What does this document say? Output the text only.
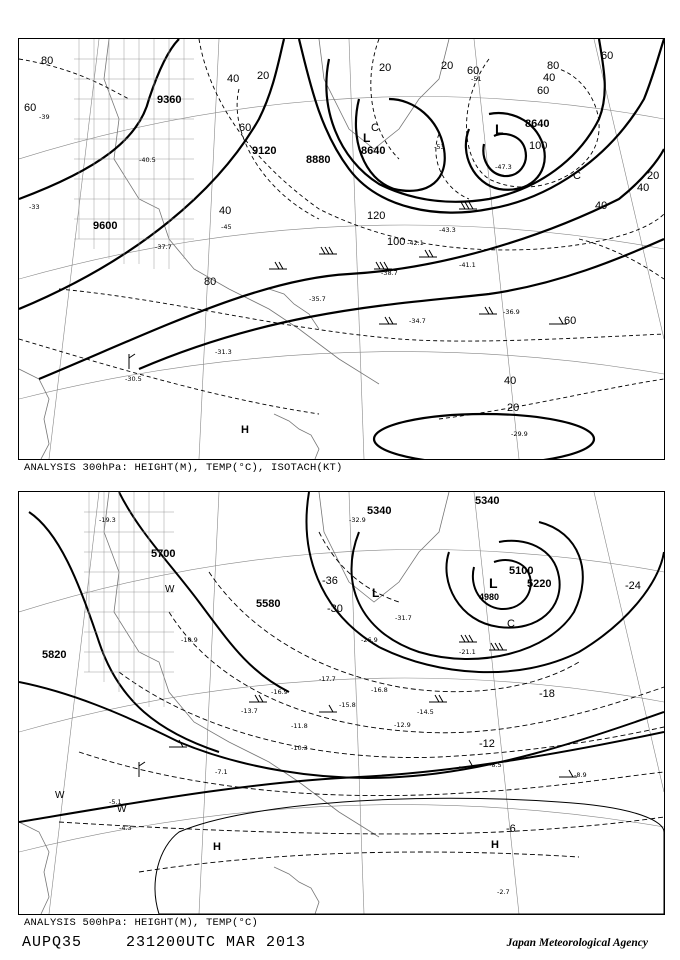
9360
9120
8880
8640
8640
9600
80
60
40 20
20
40
60
60
20
40
80
60
100
100
120
40
20
40
60
40
20
60	80
-45
-39
-33
-41.1
-38.7
-36.9
-35.7
-34.7
-31.3
-30.5
-29.9
-47.3
-51
-53
-42.1
-43.3
-40.5
-37.7
L
L
C
C
H
ANALYSIS 300hPa: HEIGHT(M), TEMP(°C), ISOTACH(KT)
5700
5580
5820
5340
5340
5100
5220
4980
-36
-30
-24
-18
-12
-6
-32.9
-31.7
-26.9
-21.1
-17.7
-16.8
-15.8
-14.5
-13.7
-12.9
-11.8
-10.3
-8.5
-8.9
-5.1
-4.3
-2.7
-19.3
-16.9
-10.9
-7.1
L
L
C
H	H
W
W
W
ANALYSIS 500hPa: HEIGHT(M), TEMP(°C)
AUPQ35	231200UTC MAR 2013	Japan Meteorological Agency
